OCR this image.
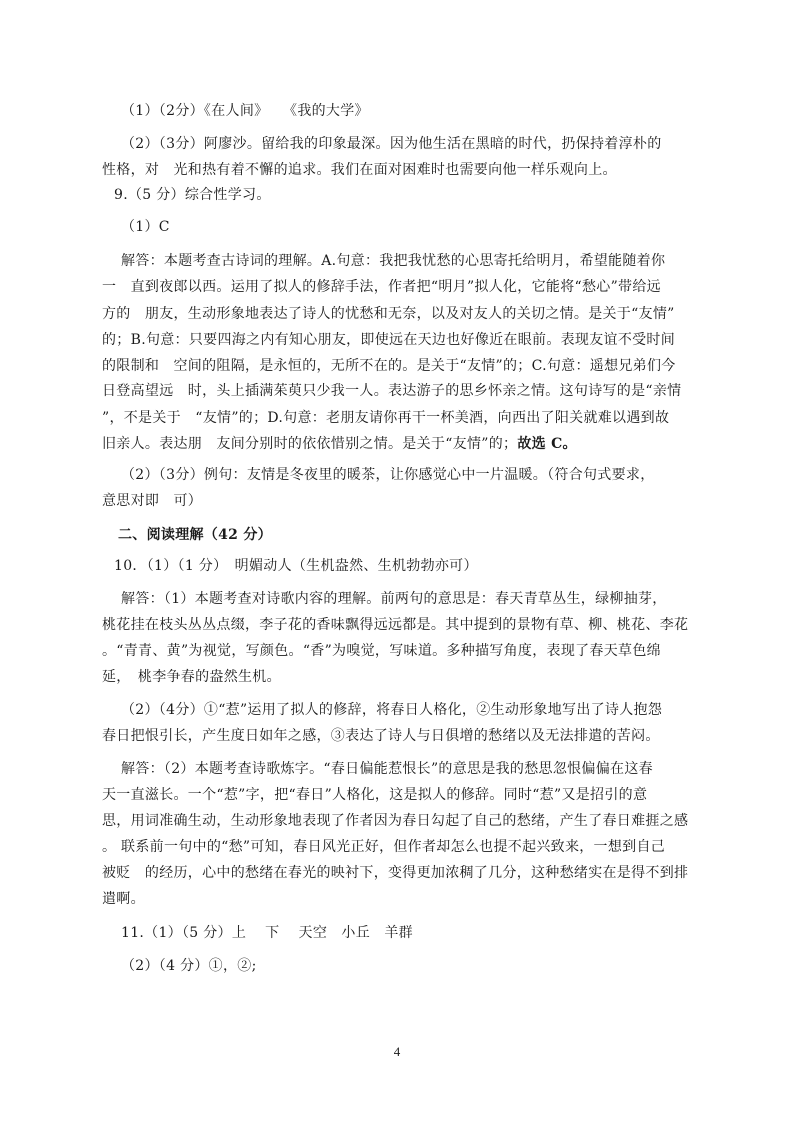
（1）（2分）《在人间》　　《我的大学》
（2）（3分）阿廖沙。留给我的印象最深。因为他生活在黑暗的时代，扔保持着淳朴的
性格，对　光和热有着不懈的追求。我们在面对困难时也需要向他一样乐观向上。
9.（5 分）综合性学习。
（1）C
解答：本题考查古诗词的理解。A.句意：我把我忧愁的心思寄托给明月，希望能随着你
一　直到夜郎以西。运用了拟人的修辞手法，作者把“明月”拟人化，它能将“愁心”带给远
方的　朋友，生动形象地表达了诗人的忧愁和无奈，以及对友人的关切之情。是关于“友情”
的；B.句意：只要四海之内有知心朋友，即使远在天边也好像近在眼前。表现友谊不受时间
的限制和　空间的阻隔，是永恒的，无所不在的。是关于“友情”的；C.句意：遥想兄弟们今
日登高望远　时，头上插满茱萸只少我一人。表达游子的思乡怀亲之情。这句诗写的是“亲情
”，不是关于　“友情”的；D.句意：老朋友请你再干一杯美酒，向西出了阳关就难以遇到故
旧亲人。表达朋　友间分别时的依依惜别之情。是关于“友情”的；故选 C。
（2）（3分）例句：友情是冬夜里的暖茶，让你感觉心中一片温暖。（符合句式要求，
意思对即　可）
二、阅读理解（42 分）
10．（1）（1 分）　明媚动人（生机盎然、生机勃勃亦可）
解答：（1）本题考查对诗歌内容的理解。前两句的意思是：春天青草丛生，绿柳抽芽，
桃花挂在枝头丛丛点缀，李子花的香味飘得远远都是。其中提到的景物有草、柳、桃花、李花
。“青青、黄”为视觉，写颜色。“香”为嗅觉，写味道。多种描写角度，表现了春天草色绵
延，　桃李争春的盎然生机。
（2）（4分）①“惹”运用了拟人的修辞，将春日人格化，②生动形象地写出了诗人抱怨
春日把恨引长，产生度日如年之感，③表达了诗人与日俱增的愁绪以及无法排遣的苦闷。
解答：（2）本题考查诗歌炼字。“春日偏能惹恨长”的意思是我的愁思忽恨偏偏在这春
天一直滋长。一个“惹”字，把“春日”人格化，这是拟人的修辞。同时“惹”又是招引的意
思，用词准确生动，生动形象地表现了作者因为春日勾起了自己的愁绪，产生了春日难捱之感
。 联系前一句中的“愁”可知，春日风光正好，但作者却怎么也提不起兴致来，一想到自己
被贬　的经历，心中的愁绪在春光的映衬下，变得更加浓稠了几分，这种愁绪实在是得不到排
遣啊。
11.（1）（5 分）上　 下　 天空　小丘　羊群
（2）（4 分）①，②;
4
